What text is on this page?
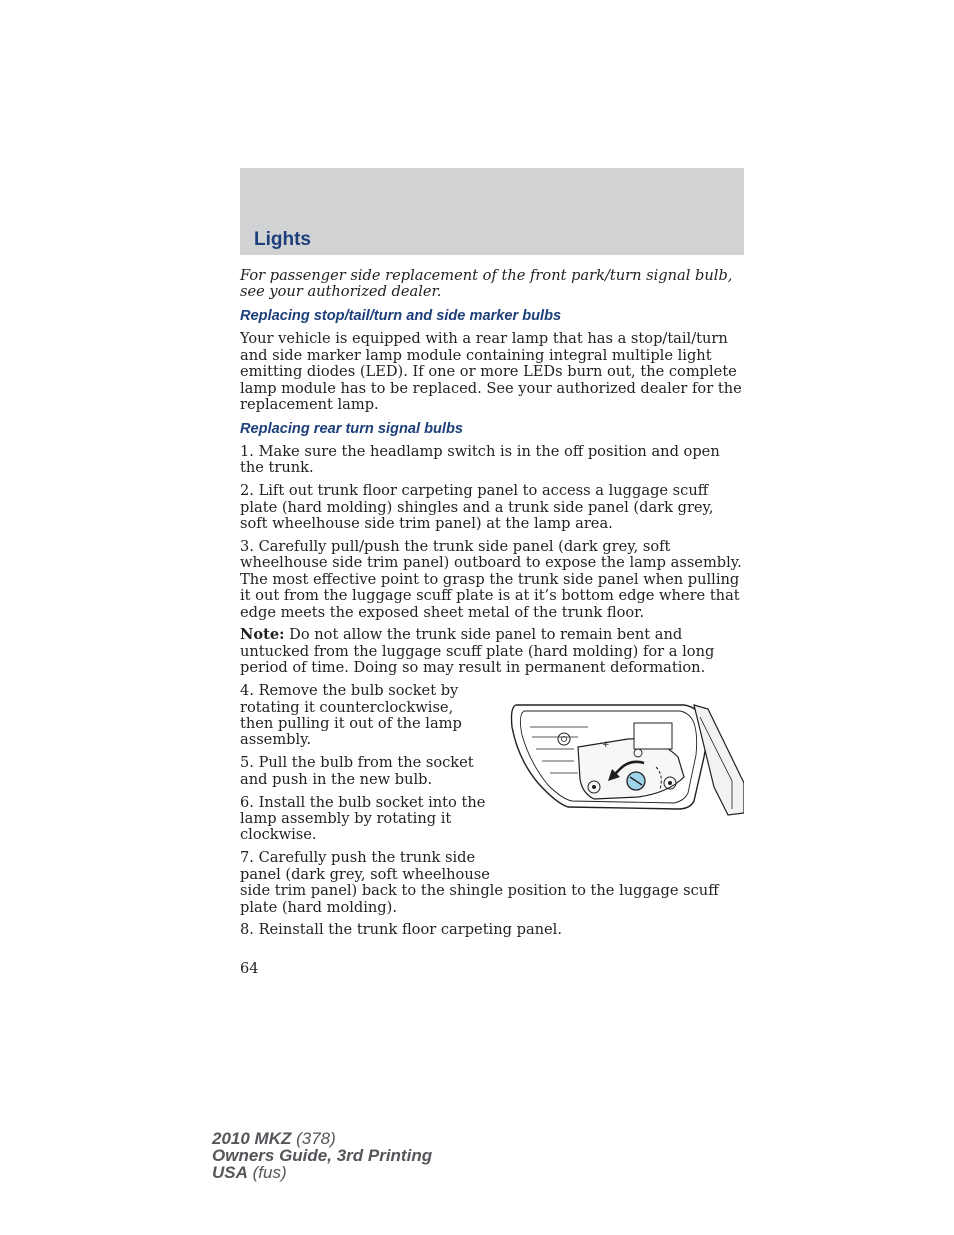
Lights

For passenger side replacement of the front park/turn signal bulb, see your authorized dealer.

Replacing stop/tail/turn and side marker bulbs

Your vehicle is equipped with a rear lamp that has a stop/tail/turn and side marker lamp module containing integral multiple light emitting diodes (LED). If one or more LEDs burn out, the complete lamp module has to be replaced. See your authorized dealer for the replacement lamp.

Replacing rear turn signal bulbs

1. Make sure the headlamp switch is in the off position and open the trunk.

2. Lift out trunk floor carpeting panel to access a luggage scuff plate (hard molding) shingles and a trunk side panel (dark grey, soft wheelhouse side trim panel) at the lamp area.

3. Carefully pull/push the trunk side panel (dark grey, soft wheelhouse side trim panel) outboard to expose the lamp assembly. The most effective point to grasp the trunk side panel when pulling it out from the luggage scuff plate is at it’s bottom edge where that edge meets the exposed sheet metal of the trunk floor.

Note: Do not allow the trunk side panel to remain bent and untucked from the luggage scuff plate (hard molding) for a long period of time. Doing so may result in permanent deformation.

+

4. Remove the bulb socket by rotating it counterclockwise, then pulling it out of the lamp assembly.

5. Pull the bulb from the socket and push in the new bulb.

6. Install the bulb socket into the lamp assembly by rotating it clockwise.

7. Carefully push the trunk side panel (dark grey, soft wheelhouse
side trim panel) back to the shingle position to the luggage scuff plate (hard molding).

8. Reinstall the trunk floor carpeting panel.

64
2010 MKZ (378)
Owners Guide, 3rd Printing
USA (fus)
